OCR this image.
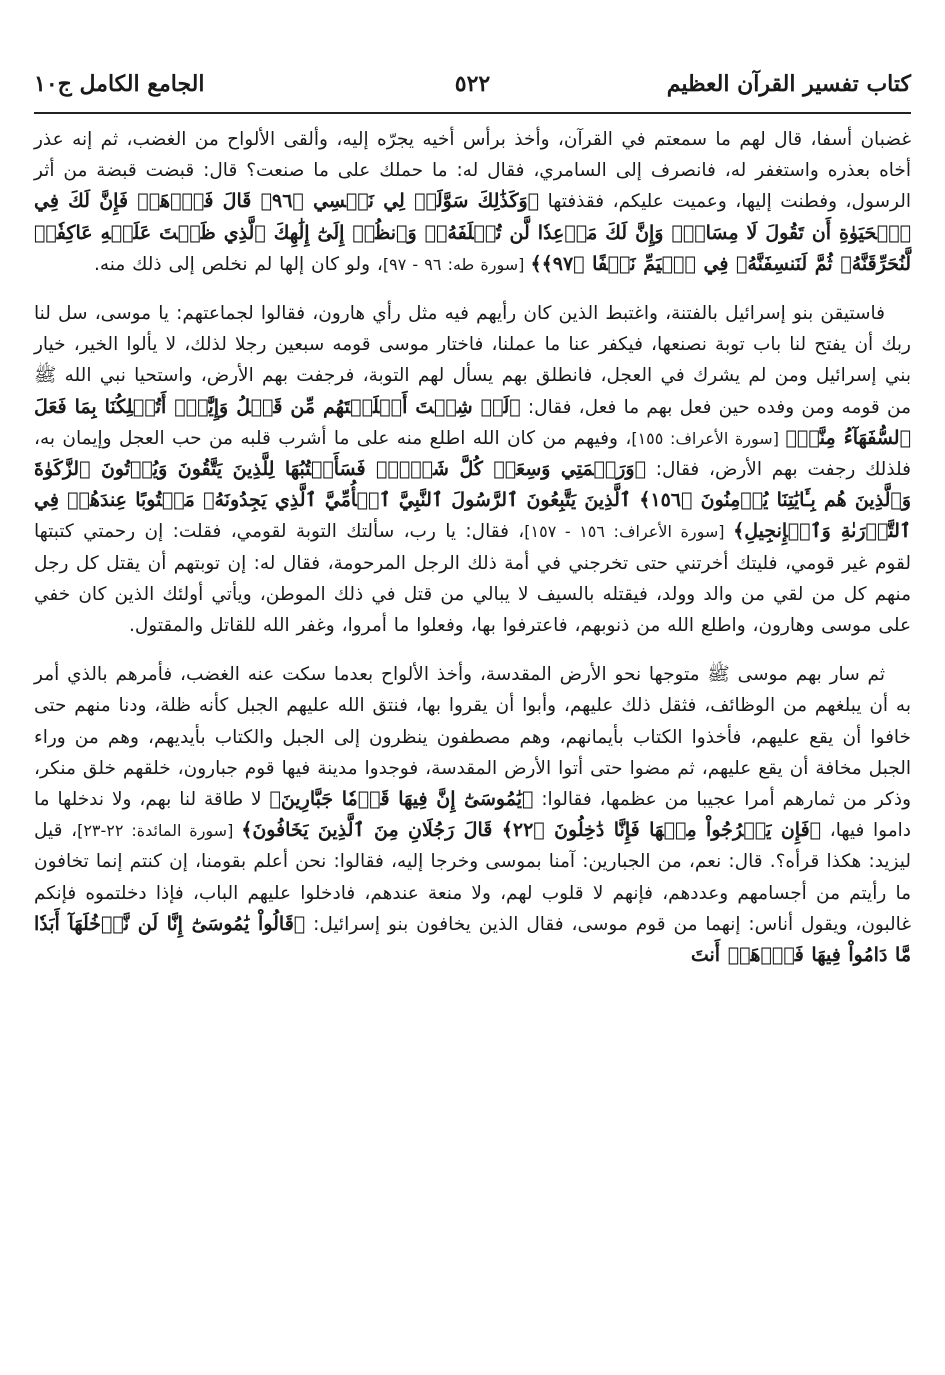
كتاب تفسير القرآن العظيم
٥٢٢
الجامع الكامل ج١٠

غضبان أسفا، قال لهم ما سمعتم في القرآن، وأخذ برأس أخيه يجرّه إليه، وألقى الألواح من الغضب، ثم إنه عذر أخاه بعذره واستغفر له، فانصرف إلى السامري، فقال له: ما حملك على ما صنعت؟ قال: قبضت قبضة من أثر الرسول، وفطنت إليها، وعميت عليكم، فقذفتها ﴿وَكَذَٰلِكَ سَوَّلَتۡ لِي نَفۡسِي ﴿٩٦﴾ قَالَ فَٱذۡهَبۡ فَإِنَّ لَكَ فِي ٱلۡحَيَوٰةِ أَن تَقُولَ لَا مِسَاسَۖ وَإِنَّ لَكَ مَوۡعِدٗا لَّن تُخۡلَفَهُۥۖ وَٱنظُرۡ إِلَىٰٓ إِلَٰهِكَ ٱلَّذِي ظَلۡتَ عَلَيۡهِ عَاكِفٗاۖ لَّنُحَرِّقَنَّهُۥ ثُمَّ لَنَنسِفَنَّهُۥ فِي ٱلۡيَمِّ نَسۡفًا ﴿٩٧﴾﴾ [سورة طه: ٩٦ - ٩٧]، ولو كان إلها لم نخلص إلى ذلك منه.

فاستيقن بنو إسرائيل بالفتنة، واغتبط الذين كان رأيهم فيه مثل رأي هارون، فقالوا لجماعتهم: يا موسى، سل لنا ربك أن يفتح لنا باب توبة نصنعها، فيكفر عنا ما عملنا، فاختار موسى قومه سبعين رجلا لذلك، لا يألوا الخير، خيار بني إسرائيل ومن لم يشرك في العجل، فانطلق بهم يسأل لهم التوبة، فرجفت بهم الأرض، واستحيا نبي الله ﷺ من قومه ومن وفده حين فعل بهم ما فعل، فقال: ﴿لَوۡ شِئۡتَ أَهۡلَكۡتَهُم مِّن قَبۡلُ وَإِيَّٰيَۖ أَتُهۡلِكُنَا بِمَا فَعَلَ ٱلسُّفَهَآءُ مِنَّآۖ﴾ [سورة الأعراف: ١٥٥]، وفيهم من كان الله اطلع منه على ما أشرب قلبه من حب العجل وإيمان به، فلذلك رجفت بهم الأرض، فقال: ﴿وَرَحۡمَتِي وَسِعَتۡ كُلَّ شَيۡءٖۚ فَسَأَكۡتُبُهَا لِلَّذِينَ يَتَّقُونَ وَيُؤۡتُونَ ٱلزَّكَوٰةَ وَٱلَّذِينَ هُم بِـَٔايَٰتِنَا يُؤۡمِنُونَ ﴿١٥٦﴾ ٱلَّذِينَ يَتَّبِعُونَ ٱلرَّسُولَ ٱلنَّبِيَّ ٱلۡأُمِّيَّ ٱلَّذِي يَجِدُونَهُۥ مَكۡتُوبًا عِندَهُمۡ فِي ٱلتَّوۡرَىٰةِ وَٱلۡإِنجِيلِ﴾ [سورة الأعراف: ١٥٦ - ١٥٧]، فقال: يا رب، سألتك التوبة لقومي، فقلت: إن رحمتي كتبتها لقوم غير قومي، فليتك أخرتني حتى تخرجني في أمة ذلك الرجل المرحومة، فقال له: إن توبتهم أن يقتل كل رجل منهم كل من لقي من والد وولد، فيقتله بالسيف لا يبالي من قتل في ذلك الموطن، ويأتي أولئك الذين كان خفي على موسى وهارون، واطلع الله من ذنوبهم، فاعترفوا بها، وفعلوا ما أمروا، وغفر الله للقاتل والمقتول.

ثم سار بهم موسى ﷺ متوجها نحو الأرض المقدسة، وأخذ الألواح بعدما سكت عنه الغضب، فأمرهم بالذي أمر به أن يبلغهم من الوظائف، فثقل ذلك عليهم، وأبوا أن يقروا بها، فنتق الله عليهم الجبل كأنه ظلة، ودنا منهم حتى خافوا أن يقع عليهم، فأخذوا الكتاب بأيمانهم، وهم مصطفون ينظرون إلى الجبل والكتاب بأيديهم، وهم من وراء الجبل مخافة أن يقع عليهم، ثم مضوا حتى أتوا الأرض المقدسة، فوجدوا مدينة فيها قوم جبارون، خلقهم خلق منكر، وذكر من ثمارهم أمرا عجيبا من عظمها، فقالوا: ﴿يَٰمُوسَىٰٓ إِنَّ فِيهَا قَوۡمٗا جَبَّارِينَ﴾ لا طاقة لنا بهم، ولا ندخلها ما داموا فيها، ﴿فَإِن يَخۡرُجُواْ مِنۡهَا فَإِنَّا دَٰخِلُونَ ﴿٢٢﴾ قَالَ رَجُلَانِ مِنَ ٱلَّذِينَ يَخَافُونَ﴾ [سورة المائدة: ٢٢-٢٣]، قيل ليزيد: هكذا قرأه؟. قال: نعم، من الجبارين: آمنا بموسى وخرجا إليه، فقالوا: نحن أعلم بقومنا، إن كنتم إنما تخافون ما رأيتم من أجسامهم وعددهم، فإنهم لا قلوب لهم، ولا منعة عندهم، فادخلوا عليهم الباب، فإذا دخلتموه فإنكم غالبون، ويقول أناس: إنهما من قوم موسى، فقال الذين يخافون بنو إسرائيل: ﴿قَالُواْ يَٰمُوسَىٰٓ إِنَّا لَن نَّدۡخُلَهَآ أَبَدٗا مَّا دَامُواْ فِيهَا فَٱذۡهَبۡ أَنتَ
